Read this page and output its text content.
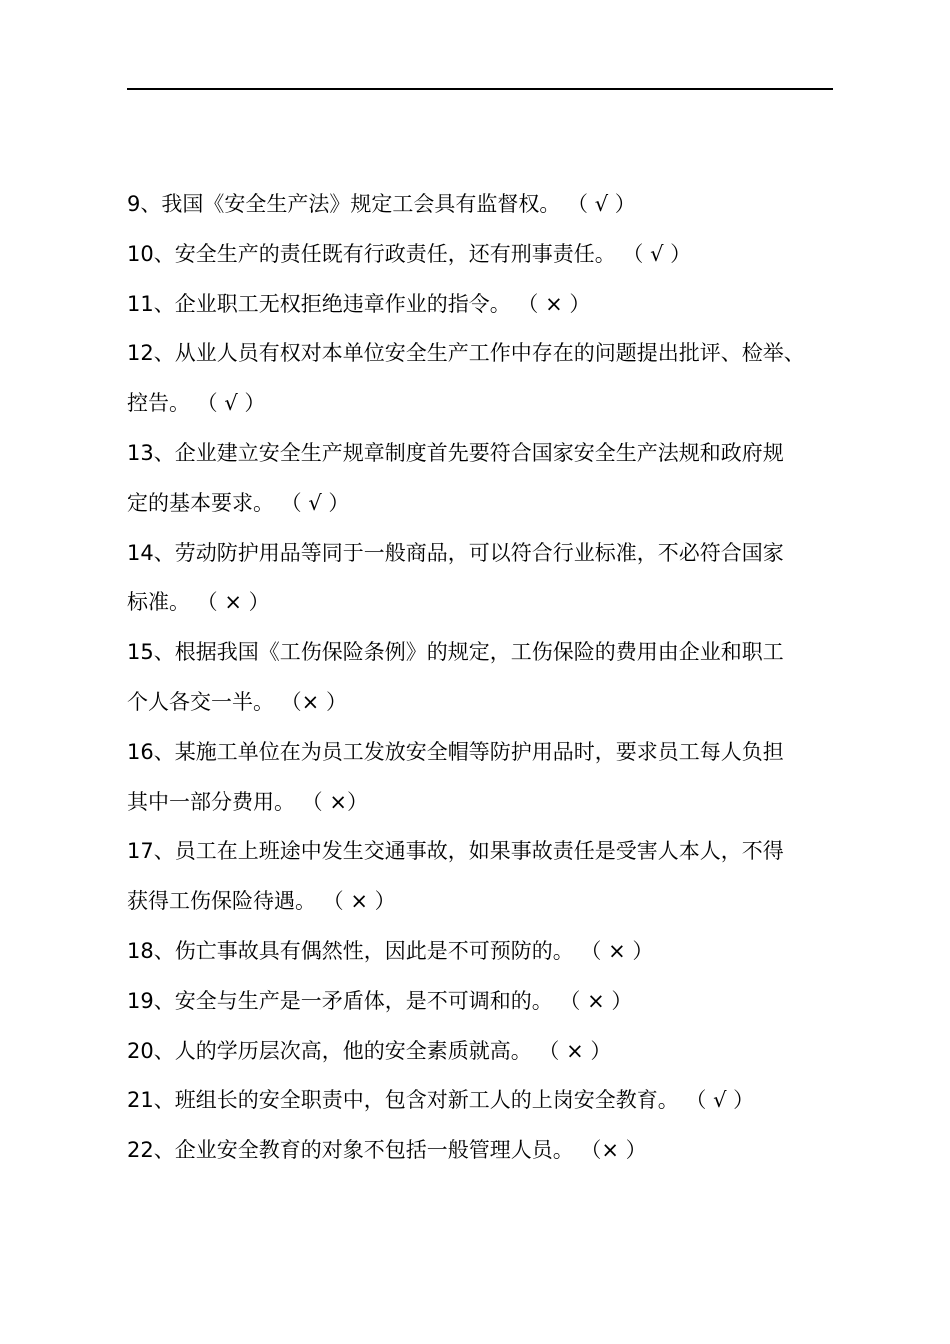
9、我国《安全生产法》规定工会具有监督权。 （ √ ）
10、安全生产的责任既有行政责任，还有刑事责任。 （ √ ）
11、企业职工无权拒绝违章作业的指令。 （ × ）
12、从业人员有权对本单位安全生产工作中存在的问题提出批评、检举、
控告。 （ √ ）
13、企业建立安全生产规章制度首先要符合国家安全生产法规和政府规
定的基本要求。 （ √ ）
14、劳动防护用品等同于一般商品，可以符合行业标准，不必符合国家
标准。 （ × ）
15、根据我国《工伤保险条例》的规定，工伤保险的费用由企业和职工
个人各交一半。 （× ）
16、某施工单位在为员工发放安全帽等防护用品时，要求员工每人负担
其中一部分费用。 （ ×）
17、员工在上班途中发生交通事故，如果事故责任是受害人本人，不得
获得工伤保险待遇。 （ × ）
18、伤亡事故具有偶然性，因此是不可预防的。 （ × ）
19、安全与生产是一矛盾体，是不可调和的。 （ × ）
20、人的学历层次高，他的安全素质就高。 （ × ）
21、班组长的安全职责中，包含对新工人的上岗安全教育。 （ √ ）
22、企业安全教育的对象不包括一般管理人员。 （× ）
